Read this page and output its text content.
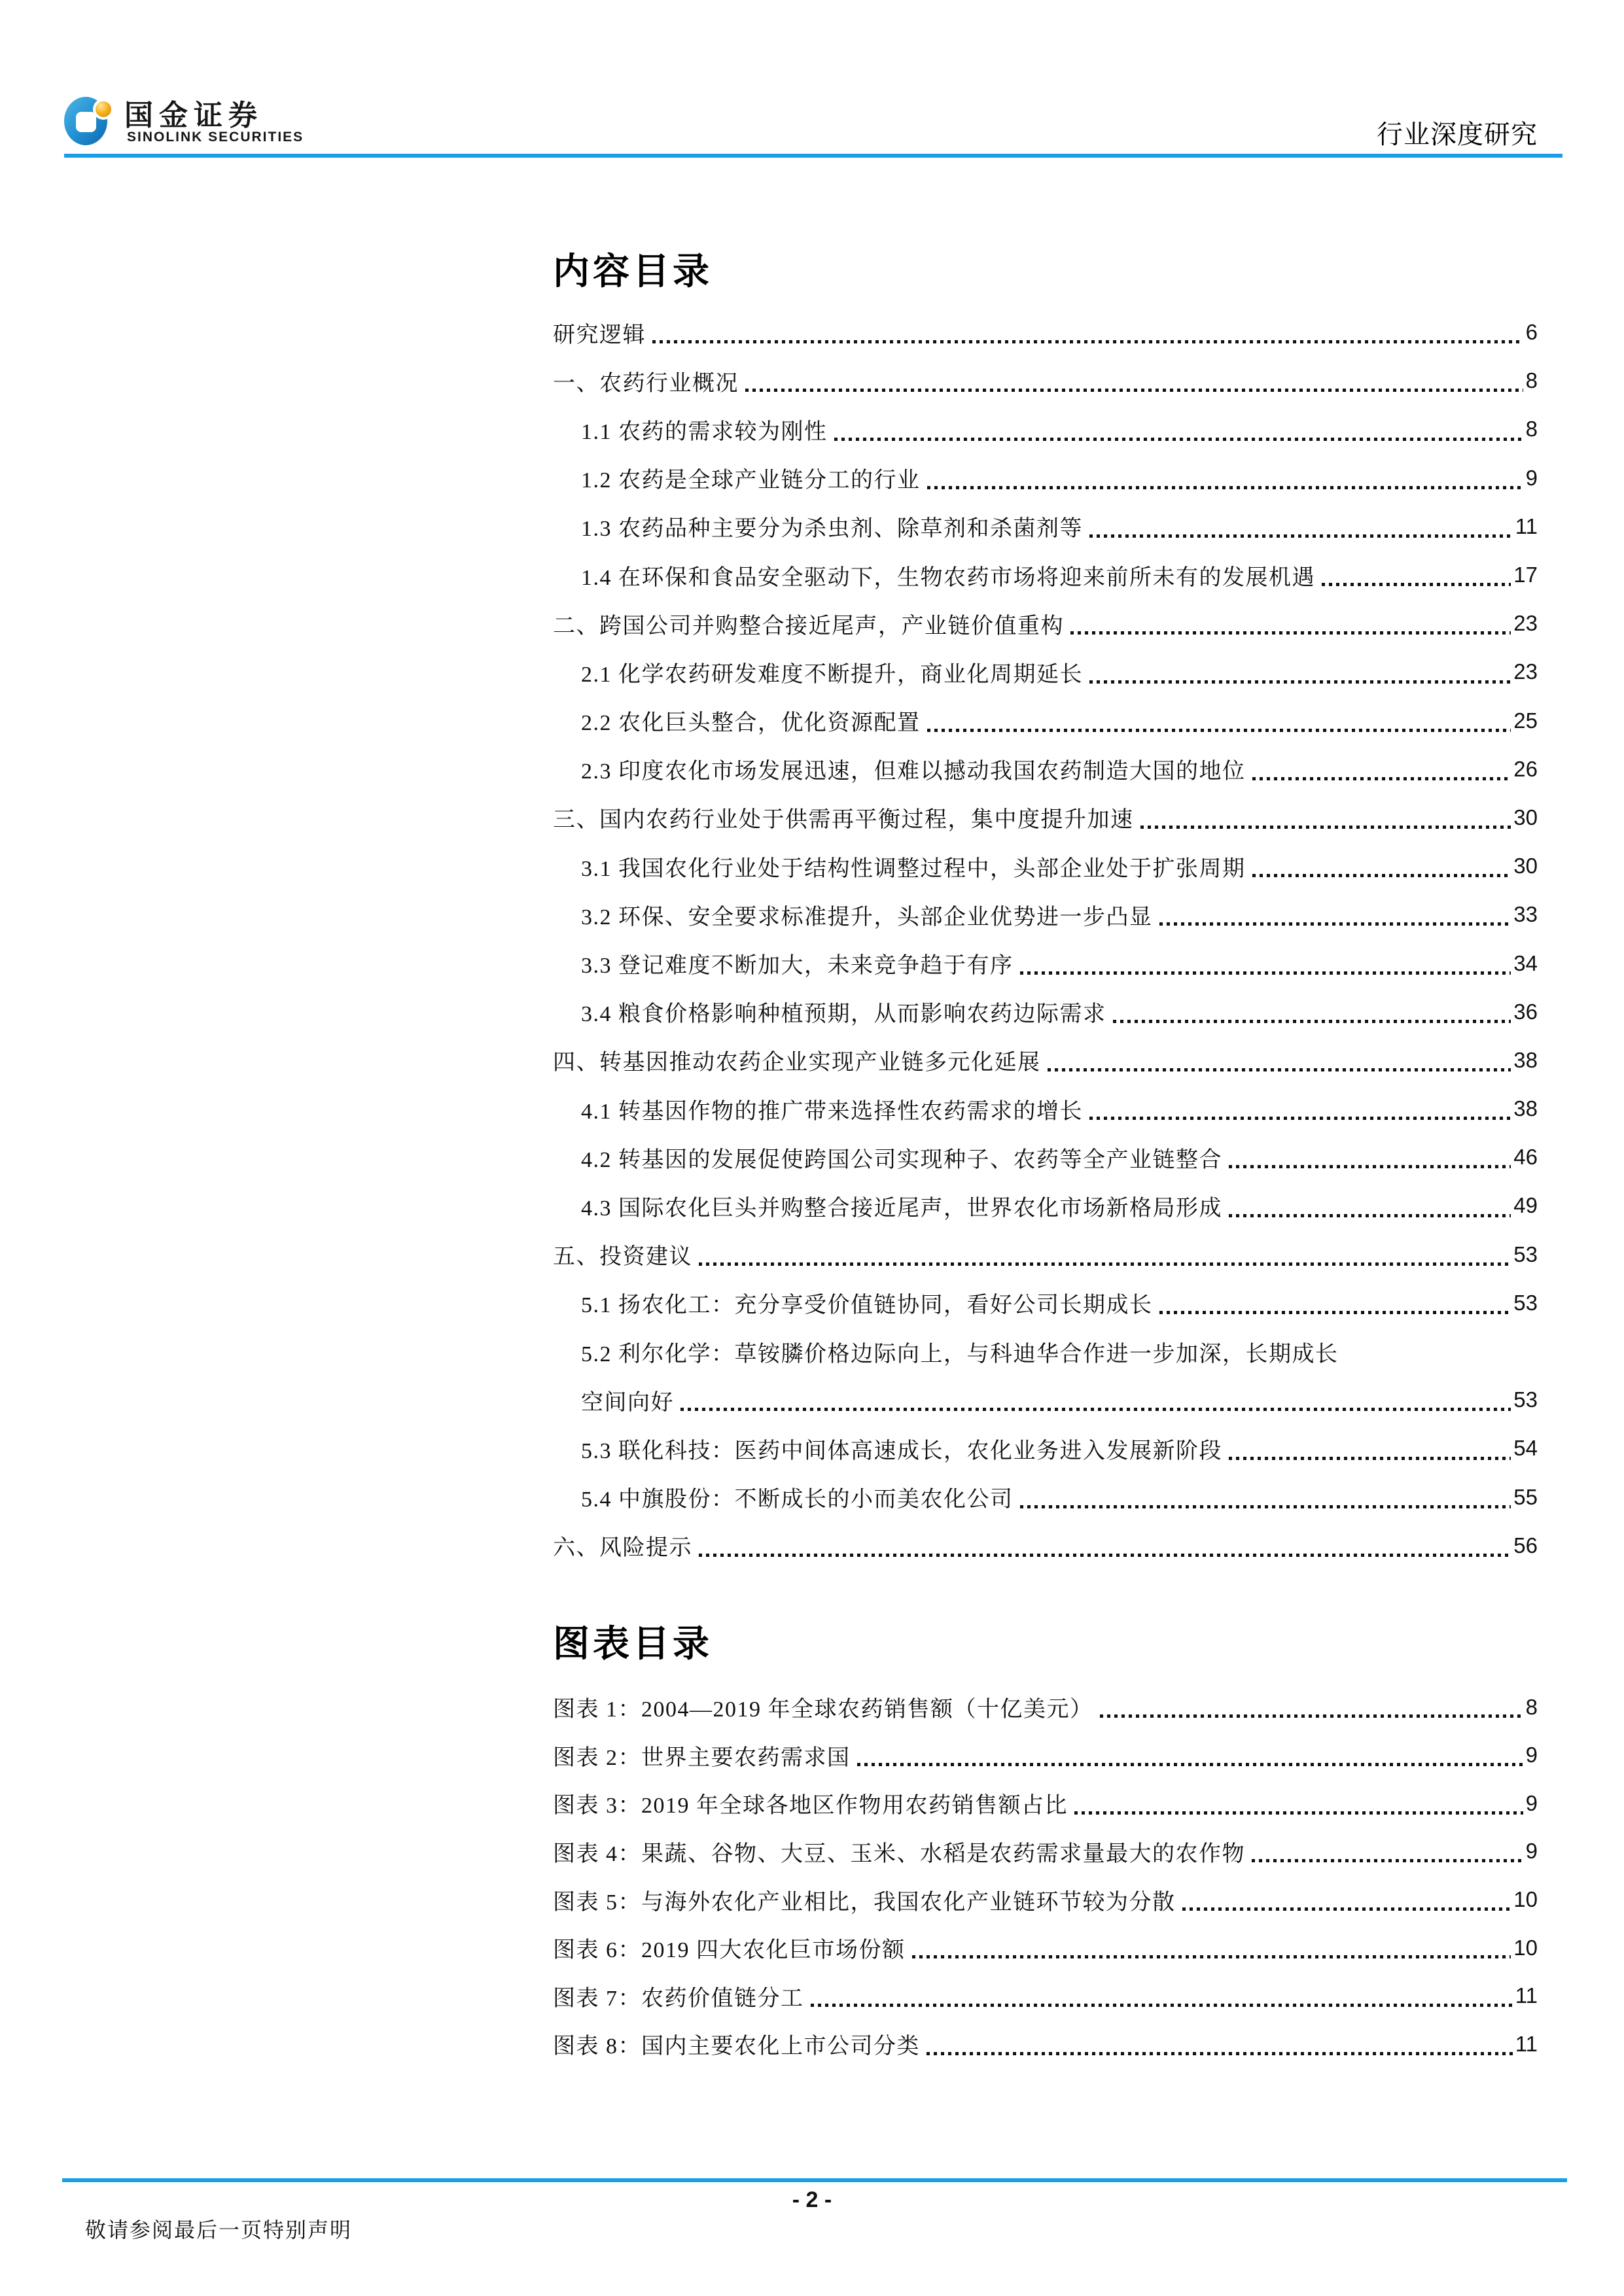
国金证券
SINOLINK SECURITIES	行业深度研究
内容目录
研究逻辑	6
一、农药行业概况	8
1.1 农药的需求较为刚性	8
1.2 农药是全球产业链分工的行业	9
1.3 农药品种主要分为杀虫剂、除草剂和杀菌剂等	11
1.4 在环保和食品安全驱动下，生物农药市场将迎来前所未有的发展机遇	17
二、跨国公司并购整合接近尾声，产业链价值重构	23
2.1 化学农药研发难度不断提升，商业化周期延长	23
2.2 农化巨头整合，优化资源配置	25
2.3 印度农化市场发展迅速，但难以撼动我国农药制造大国的地位	26
三、国内农药行业处于供需再平衡过程，集中度提升加速	30
3.1 我国农化行业处于结构性调整过程中，头部企业处于扩张周期	30
3.2 环保、安全要求标准提升，头部企业优势进一步凸显	33
3.3 登记难度不断加大，未来竞争趋于有序	34
3.4 粮食价格影响种植预期，从而影响农药边际需求	36
四、转基因推动农药企业实现产业链多元化延展	38
4.1 转基因作物的推广带来选择性农药需求的增长	38
4.2 转基因的发展促使跨国公司实现种子、农药等全产业链整合	46
4.3 国际农化巨头并购整合接近尾声，世界农化市场新格局形成	49
五、投资建议	53
5.1 扬农化工：充分享受价值链协同，看好公司长期成长	53
5.2 利尔化学：草铵膦价格边际向上，与科迪华合作进一步加深，长期成长
空间向好	53
5.3 联化科技：医药中间体高速成长，农化业务进入发展新阶段	54
5.4 中旗股份：不断成长的小而美农化公司	55
六、风险提示	56
图表目录
图表 1：2004—2019 年全球农药销售额（十亿美元）	8
图表 2：世界主要农药需求国	9
图表 3：2019 年全球各地区作物用农药销售额占比	9
图表 4：果蔬、谷物、大豆、玉米、水稻是农药需求量最大的农作物	9
图表 5：与海外农化产业相比，我国农化产业链环节较为分散	10
图表 6：2019 四大农化巨市场份额	10
图表 7：农药价值链分工	11
图表 8：国内主要农化上市公司分类	11
- 2 -
敬请参阅最后一页特别声明
